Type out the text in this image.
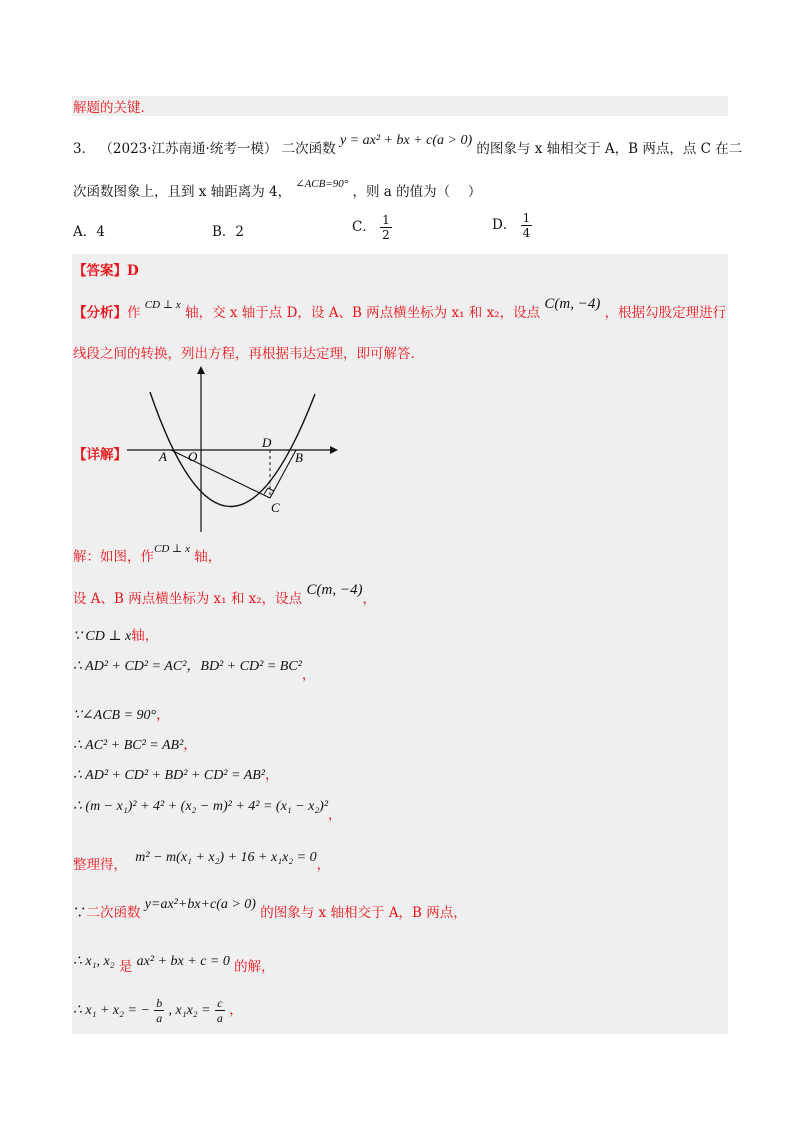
解题的关键．
3． （2023·江苏南通·统考一模） 二次函数 y = ax² + bx + c(a > 0) 的图象与 x 轴相交于 A，B 两点，点 C 在二
次函数图象上，且到 x 轴距离为 4， $^{\angle ACB=90^\circ}$ ，则 a 的值为（　 ）
A．4	B．2	C． $\frac{1}{2}$	D． $\frac{1}{4}$
【答案】D
【分析】作 $^{CD \perp x}$ 轴，交 x 轴于点 D，设 A、B 两点横坐标为 x₁ 和 x₂，设点 C(m, −4) ，根据勾股定理进行
线段之间的转换，列出方程，再根据韦达定理，即可解答．
【详解】 A O
D
B
C
解：如图，作$^{CD \perp x}$ 轴，
设 A、B 两点横坐标为 x₁ 和 x₂，设点 C(m, −4)，
∵ CD ⊥ x轴，
∴ AD² + CD² = AC²，BD² + CD² = BC²，
∵∠ACB = 90°，
∴ AC² + BC² = AB²，
∴ AD² + CD² + BD² + CD² = AB²，
∴ (m − x₁)² + 4² + (x₂ − m)² + 4² = (x₁ − x₂)²，
整理得， m² − m(x₁ + x₂) + 16 + x₁x₂ = 0，
∵二次函数 y=ax²+bx+c(a > 0) 的图象与 x 轴相交于 A，B 两点，
∴ x₁, x₂ 是 ax² + bx + c = 0 的解，
∴ x₁ + x₂ = − $\frac{b}{a}$ , $x_1x_2 = \frac{c}{a}$ ，
